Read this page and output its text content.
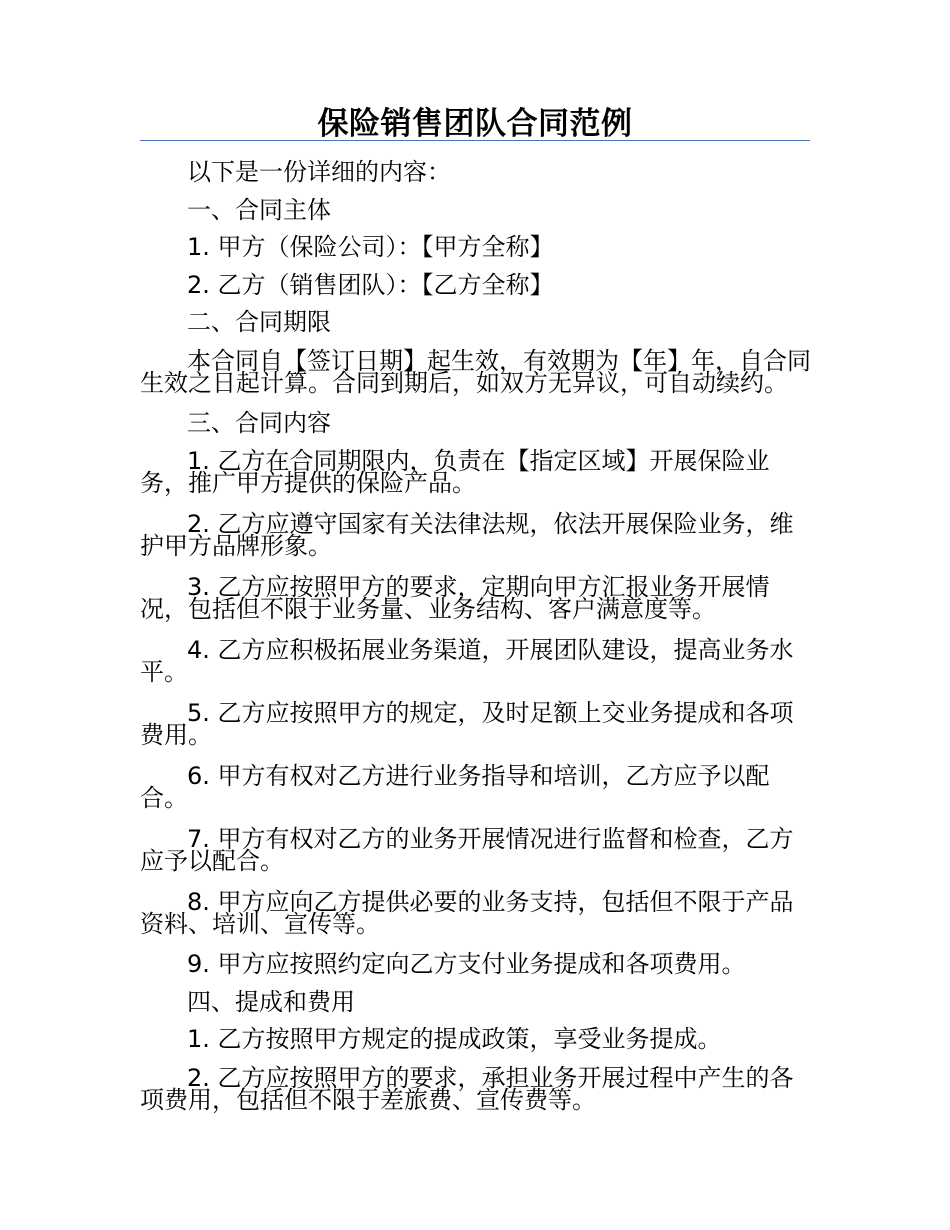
保险销售团队合同范例

以下是一份详细的内容：

一、合同主体

1. 甲方（保险公司）：【甲方全称】

2. 乙方（销售团队）：【乙方全称】

二、合同期限

本合同自【签订日期】起生效，有效期为【年】年，自合同生效之日起计算。合同到期后，如双方无异议，可自动续约。

三、合同内容

1. 乙方在合同期限内，负责在【指定区域】开展保险业务，推广甲方提供的保险产品。

2. 乙方应遵守国家有关法律法规，依法开展保险业务，维护甲方品牌形象。

3. 乙方应按照甲方的要求，定期向甲方汇报业务开展情况，包括但不限于业务量、业务结构、客户满意度等。

4. 乙方应积极拓展业务渠道，开展团队建设，提高业务水平。

5. 乙方应按照甲方的规定，及时足额上交业务提成和各项费用。

6. 甲方有权对乙方进行业务指导和培训，乙方应予以配合。

7. 甲方有权对乙方的业务开展情况进行监督和检查，乙方应予以配合。

8. 甲方应向乙方提供必要的业务支持，包括但不限于产品资料、培训、宣传等。

9. 甲方应按照约定向乙方支付业务提成和各项费用。

四、提成和费用

1. 乙方按照甲方规定的提成政策，享受业务提成。

2. 乙方应按照甲方的要求，承担业务开展过程中产生的各项费用，包括但不限于差旅费、宣传费等。
